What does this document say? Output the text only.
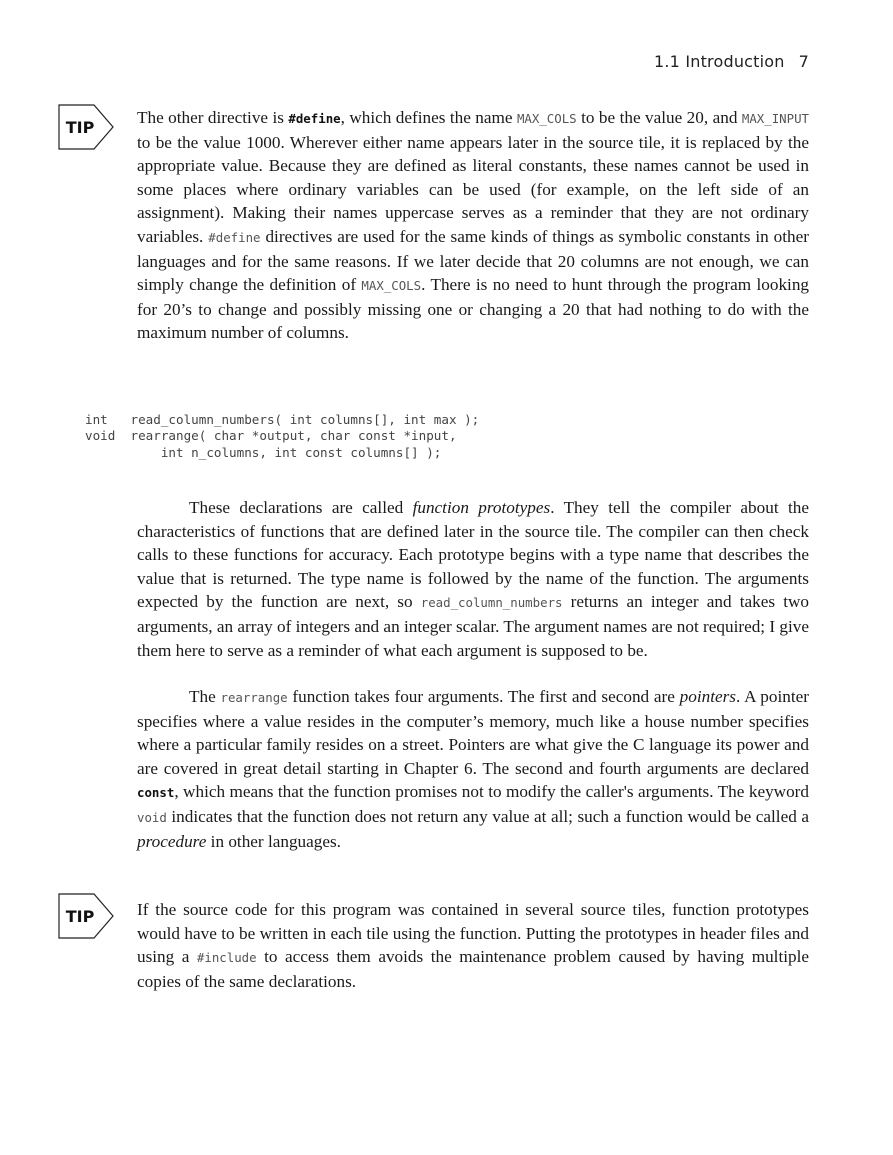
1.1 Introduction 7
TIP

The other directive is #define, which defines the name MAX_COLS to be the value 20, and MAX_INPUT to be the value 1000. Wherever either name appears later in the source tile, it is replaced by the appropriate value. Because they are defined as literal constants, these names cannot be used in some places where ordinary variables can be used (for example, on the left side of an assignment). Making their names uppercase serves as a reminder that they are not ordinary variables. #define directives are used for the same kinds of things as symbolic constants in other languages and for the same reasons. If we later decide that 20 columns are not enough, we can simply change the definition of MAX_COLS. There is no need to hunt through the program looking for 20’s to change and possibly missing one or changing a 20 that had nothing to do with the maximum number of columns.

int   read_column_numbers( int columns[], int max );
void  rearrange( char *output, char const *input,
int n_columns, int const columns[] );

These declarations are called function prototypes. They tell the compiler about the characteristics of functions that are defined later in the source tile. The compiler can then check calls to these functions for accuracy. Each prototype begins with a type name that describes the value that is returned. The type name is followed by the name of the function. The arguments expected by the function are next, so read_column_numbers returns an integer and takes two arguments, an array of integers and an integer scalar. The argument names are not required; I give them here to serve as a reminder of what each argument is supposed to be.

The rearrange function takes four arguments. The first and second are pointers. A pointer specifies where a value resides in the computer’s memory, much like a house number specifies where a particular family resides on a street. Pointers are what give the C language its power and are covered in great detail starting in Chapter 6. The second and fourth arguments are declared const, which means that the function promises not to modify the caller's arguments. The keyword void indicates that the function does not return any value at all; such a function would be called a procedure in other languages.

TIP If the source code for this program was contained in several source tiles, function prototypes would have to be written in each tile using the function. Putting the prototypes in header files and using a #include to access them avoids the maintenance problem caused by having multiple copies of the same declarations.
